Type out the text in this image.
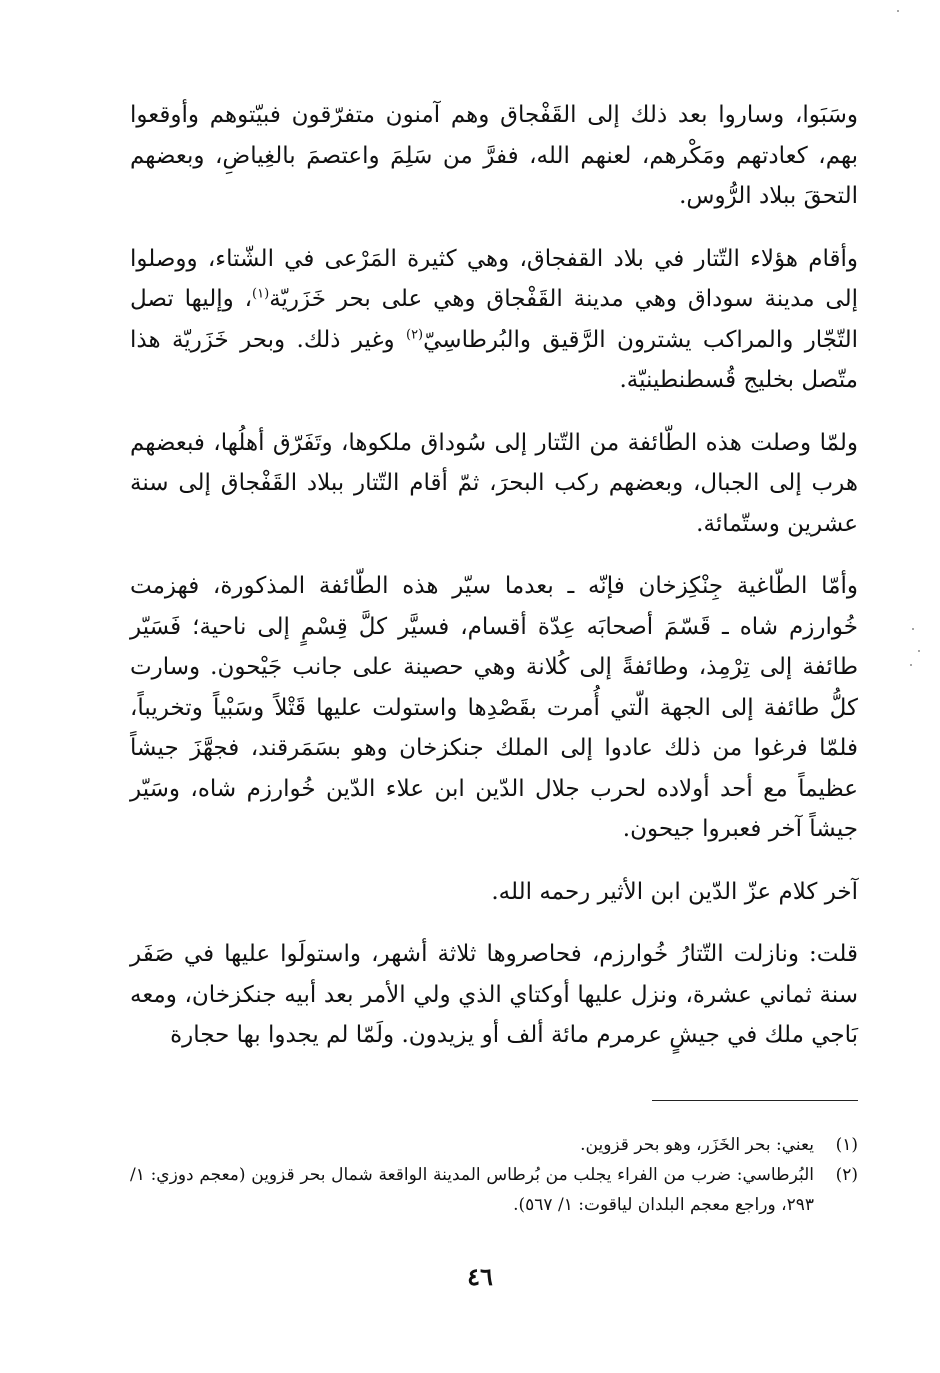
وسَبَوا، وساروا بعد ذلك إلى القَفْجاق وهم آمنون متفرّقون فبيّتوهم وأوقعوا بهم، كعادتهم ومَكْرهم، لعنهم الله، ففرَّ من سَلِمَ واعتصمَ بالغِياضِ، وبعضهم التحقَ ببلاد الرُّوس.

وأقام هؤلاء التّتار في بلاد القفجاق، وهي كثيرة المَرْعى في الشّتاء، ووصلوا إلى مدينة سوداق وهي مدينة القَفْجاق وهي على بحر خَزَريّة$^{(١)}$، وإليها تصل التّجّار والمراكب يشترون الرَّقيق والبُرطاسِيّ$^{(٢)}$ وغير ذلك. وبحر خَزَريّة هذا متّصل بخليج قُسطنطينيّة.

ولمّا وصلت هذه الطّائفة من التّتار إلى سُوداق ملكوها، وتَفَرّق أهلُها، فبعضهم هرب إلى الجبال، وبعضهم ركب البحرَ، ثمّ أقام التّتار ببلاد القَفْجاق إلى سنة عشرين وستّمائة.

وأمّا الطّاغية جِنْكِزخان فإنّه ـ بعدما سيّر هذه الطّائفة المذكورة، فهزمت خُوارزم شاه ـ قَسّمَ أصحابَه عِدّة أقسام، فسيَّر كلَّ قِسْمٍ إلى ناحية؛ فَسَيّر طائفة إلى تِرْمِذ، وطائفةً إلى كُلانة وهي حصينة على جانب جَيْحون. وسارت كلُّ طائفة إلى الجهة الّتي أُمرت بقَصْدِها واستولت عليها قَتْلاً وسَبْياً وتخريباً، فلمّا فرغوا من ذلك عادوا إلى الملك جنكزخان وهو بسَمَرقند، فجهَّزَ جيشاً عظيماً مع أحد أولاده لحرب جلال الدّين ابن علاء الدّين خُوارزم شاه، وسَيّر جيشاً آخر فعبروا جيحون.

آخر كلام عزّ الدّين ابن الأثير رحمه الله.

قلت: ونازلت التّتارُ خُوارزم، فحاصروها ثلاثة أشهر، واستولَوا عليها في صَفَر سنة ثماني عشرة، ونزل عليها أوكتاي الذي ولي الأمر بعد أبيه جنكزخان، ومعه بَاجي ملك في جيشٍ عرمرم مائة ألف أو يزيدون. ولَمّا لم يجدوا بها حجارة

(١)
يعني: بحر الخَزَر، وهو بحر قزوين.
(٢)
البُرطاسي: ضرب من الفراء يجلب من بُرطاس المدينة الواقعة شمال بحر قزوين (معجم دوزي: ١/ ٢٩٣، وراجع معجم البلدان لياقوت: ١/ ٥٦٧).
٤٦
